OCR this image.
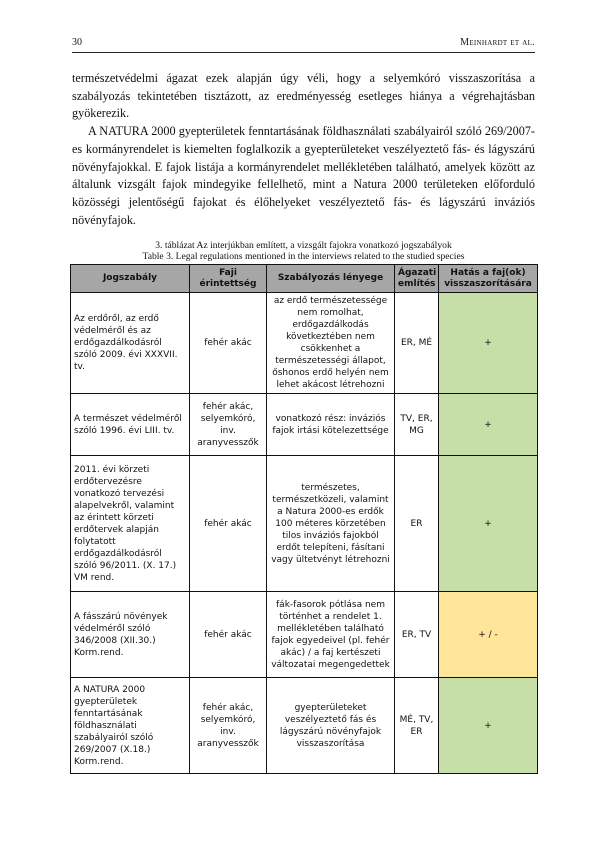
30	Meinhardt et al.

természetvédelmi ágazat ezek alapján úgy véli, hogy a selyemkóró visszaszorítása a szabályozás tekintetében tisztázott, az eredményesség esetleges hiánya a végrehajtásban gyökerezik.

A NATURA 2000 gyepterületek fenntartásának földhasználati szabályairól szóló 269/2007-es kormányrendelet is kiemelten foglalkozik a gyepterületeket veszélyeztető fás- és lágyszárú növényfajokkal. E fajok listája a kormányrendelet mellékletében található, amelyek között az általunk vizsgált fajok mindegyike fellelhető, mint a Natura 2000 területeken előforduló közösségi jelentőségű fajokat és élőhelyeket veszélyeztető fás- és lágyszárú inváziós növényfajok.

3. táblázat Az interjúkban említett, a vizsgált fajokra vonatkozó jogszabályok
Table 3. Legal regulations mentioned in the interviews related to the studied species
Jogszabály	Faji érintettség	Szabályozás lényege	Ágazati említés	Hatás a faj(ok) visszaszorítására
Az erdőről, az erdő védelméről és az erdőgazdálkodásról szóló 2009. évi XXXVII. tv.	fehér akác	az erdő természetessége nem romolhat, erdőgazdálkodás következtében nem csökkenhet a természetességi állapot, őshonos erdő helyén nem lehet akácost létrehozni	ER, MÉ	+
A természet védelméről szóló 1996. évi LIII. tv.	fehér akác, selyemkóró, inv. aranyvesszők	vonatkozó rész: inváziós fajok irtási kötelezettsége	TV, ER, MG	+
2011. évi körzeti erdőtervezésre vonatkozó tervezési alapelvekről, valamint az érintett körzeti erdőtervek alapján folytatott erdőgazdálkodásról szóló 96/2011. (X. 17.) VM rend.	fehér akác	természetes, természetközeli, valamint a Natura 2000-es erdők 100 méteres körzetében tilos inváziós fajokból erdőt telepíteni, fásítani vagy ültetvényt létrehozni	ER	+
A fásszárú növények védelméről szóló 346/2008 (XII.30.) Korm.rend.	fehér akác	fák-fasorok pótlása nem történhet a rendelet 1. mellékletében található fajok egyedeivel (pl. fehér akác) / a faj kertészeti változatai megengedettek	ER, TV	+ / -
A NATURA 2000 gyepterületek fenntartásának földhasználati szabályairól szóló 269/2007 (X.18.) Korm.rend.	fehér akác, selyemkóró, inv. aranyvesszők	gyepterületeket veszélyeztető fás és lágyszárú növényfajok visszaszorítása	MÉ, TV, ER	+
